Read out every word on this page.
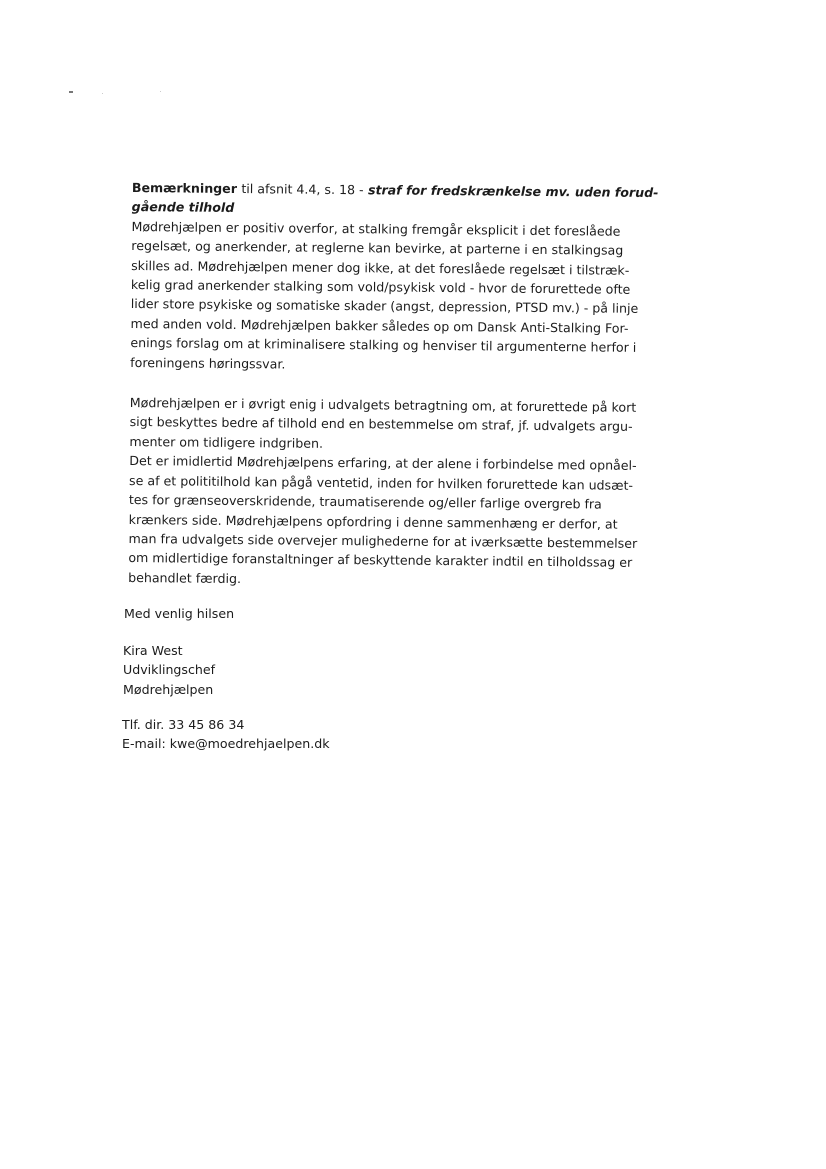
Bemærkninger til afsnit 4.4, s. 18 - straf for fredskrænkelse mv. uden forud-
gående tilhold
Mødrehjælpen er positiv overfor, at stalking fremgår eksplicit i det foreslåede
regelsæt, og anerkender, at reglerne kan bevirke, at parterne i en stalkingsag
skilles ad. Mødrehjælpen mener dog ikke, at det foreslåede regelsæt i tilstræk-
kelig grad anerkender stalking som vold/psykisk vold - hvor de forurettede ofte
lider store psykiske og somatiske skader (angst, depression, PTSD mv.) - på linje
med anden vold. Mødrehjælpen bakker således op om Dansk Anti-Stalking For-
enings forslag om at kriminalisere stalking og henviser til argumenterne herfor i
foreningens høringssvar.
Mødrehjælpen er i øvrigt enig i udvalgets betragtning om, at forurettede på kort
sigt beskyttes bedre af tilhold end en bestemmelse om straf, jf. udvalgets argu-
menter om tidligere indgriben.
Det er imidlertid Mødrehjælpens erfaring, at der alene i forbindelse med opnåel-
se af et polititilhold kan pågå ventetid, inden for hvilken forurettede kan udsæt-
tes for grænseoverskridende, traumatiserende og/eller farlige overgreb fra
krænkers side. Mødrehjælpens opfordring i denne sammenhæng er derfor, at
man fra udvalgets side overvejer mulighederne for at iværksætte bestemmelser
om midlertidige foranstaltninger af beskyttende karakter indtil en tilholdssag er
behandlet færdig.
Med venlig hilsen
Kira West
Udviklingschef
Mødrehjælpen
Tlf. dir. 33 45 86 34
E-mail: kwe@moedrehjaelpen.dk
